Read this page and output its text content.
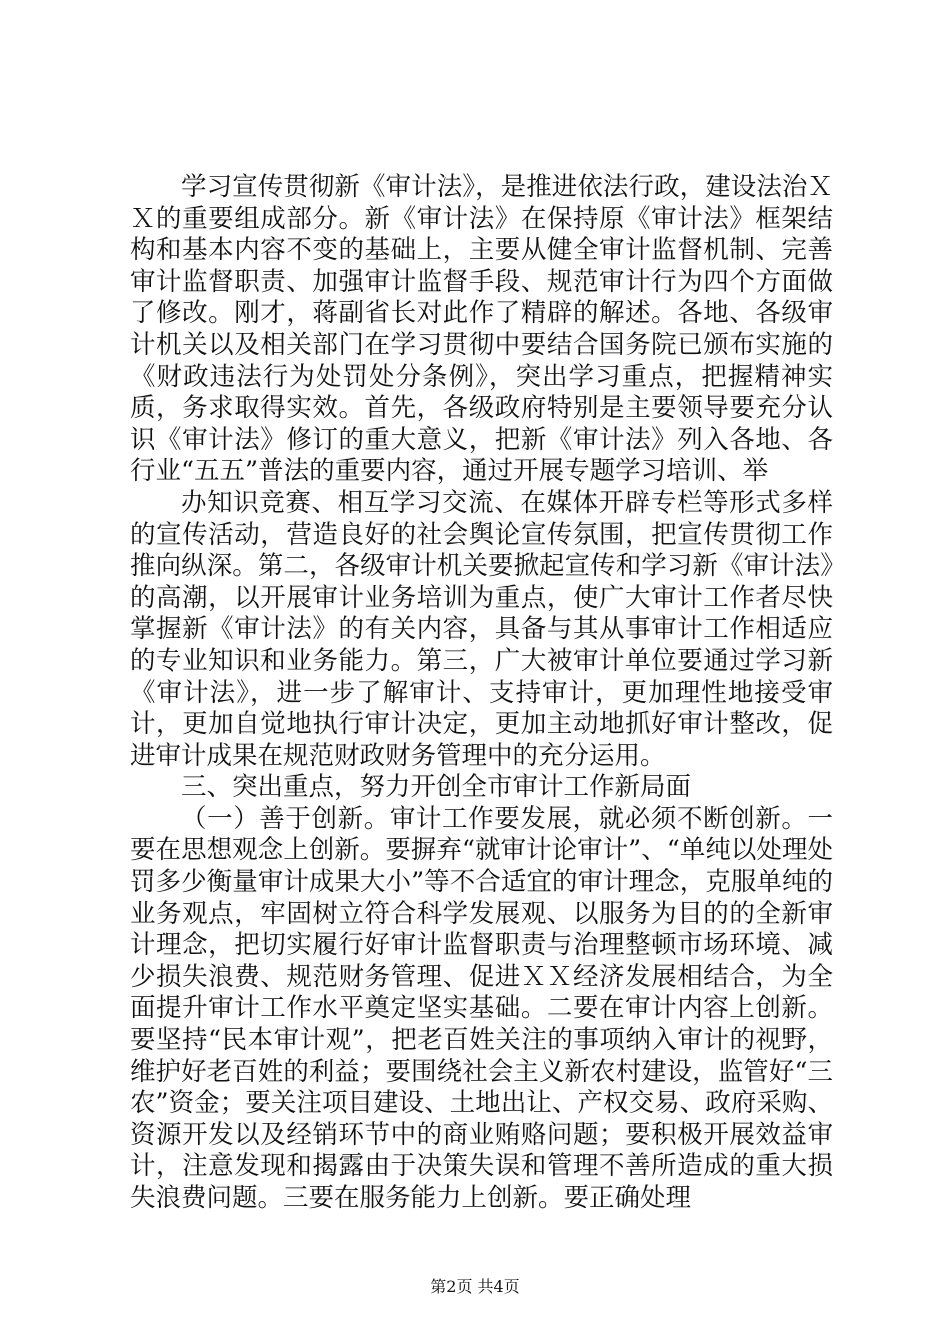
学习宣传贯彻新《审计法》，是推进依法行政，建设法治ＸＸ的重要组成部分。新《审计法》在保持原《审计法》框架结构和基本内容不变的基础上，主要从健全审计监督机制、完善审计监督职责、加强审计监督手段、规范审计行为四个方面做了修改。刚才，蒋副省长对此作了精辟的解述。各地、各级审计机关以及相关部门在学习贯彻中要结合国务院已颁布实施的《财政违法行为处罚处分条例》，突出学习重点，把握精神实质，务求取得实效。首先，各级政府特别是主要领导要充分认识《审计法》修订的重大意义，把新《审计法》列入各地、各行业“五五”普法的重要内容，通过开展专题学习培训、举

办知识竞赛、相互学习交流、在媒体开辟专栏等形式多样的宣传活动，营造良好的社会舆论宣传氛围，把宣传贯彻工作推向纵深。第二，各级审计机关要掀起宣传和学习新《审计法》的高潮，以开展审计业务培训为重点，使广大审计工作者尽快掌握新《审计法》的有关内容，具备与其从事审计工作相适应的专业知识和业务能力。第三，广大被审计单位要通过学习新《审计法》，进一步了解审计、支持审计，更加理性地接受审计，更加自觉地执行审计决定，更加主动地抓好审计整改，促进审计成果在规范财政财务管理中的充分运用。

三、突出重点，努力开创全市审计工作新局面

（一）善于创新。审计工作要发展，就必须不断创新。一要在思想观念上创新。要摒弃“就审计论审计”、“单纯以处理处罚多少衡量审计成果大小”等不合适宜的审计理念，克服单纯的业务观点，牢固树立符合科学发展观、以服务为目的的全新审计理念，把切实履行好审计监督职责与治理整顿市场环境、减少损失浪费、规范财务管理、促进ＸＸ经济发展相结合，为全面提升审计工作水平奠定坚实基础。二要在审计内容上创新。要坚持“民本审计观”，把老百姓关注的事项纳入审计的视野，维护好老百姓的利益；要围绕社会主义新农村建设，监管好“三农”资金；要关注项目建设、土地出让、产权交易、政府采购、资源开发以及经销环节中的商业贿赂问题；要积极开展效益审计，注意发现和揭露由于决策失误和管理不善所造成的重大损失浪费问题。三要在服务能力上创新。要正确处理

第2页 共4页
